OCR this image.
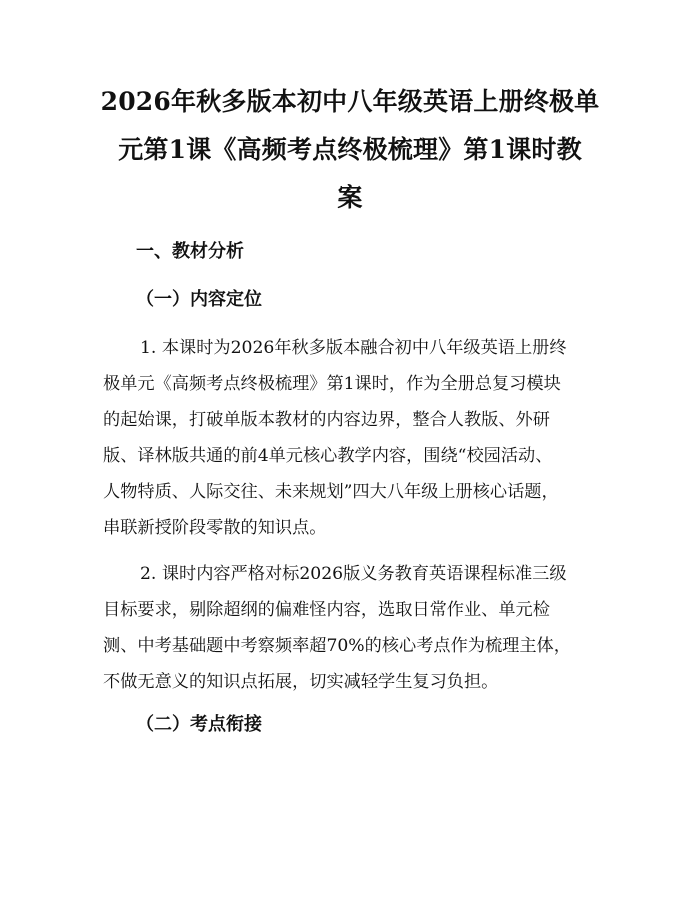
2026年秋多版本初中八年级英语上册终极单
元第1课《高频考点终极梳理》第1课时教
案
一、教材分析
（一）内容定位

1. 本课时为2026年秋多版本融合初中八年级英语上册终
极单元《高频考点终极梳理》第1课时，作为全册总复习模块
的起始课，打破单版本教材的内容边界，整合人教版、外研
版、译林版共通的前4单元核心教学内容，围绕“校园活动、
人物特质、人际交往、未来规划”四大八年级上册核心话题，
串联新授阶段零散的知识点。

2. 课时内容严格对标2026版义务教育英语课程标准三级
目标要求，剔除超纲的偏难怪内容，选取日常作业、单元检
测、中考基础题中考察频率超70%的核心考点作为梳理主体，
不做无意义的知识点拓展，切实减轻学生复习负担。

（二）考点衔接
